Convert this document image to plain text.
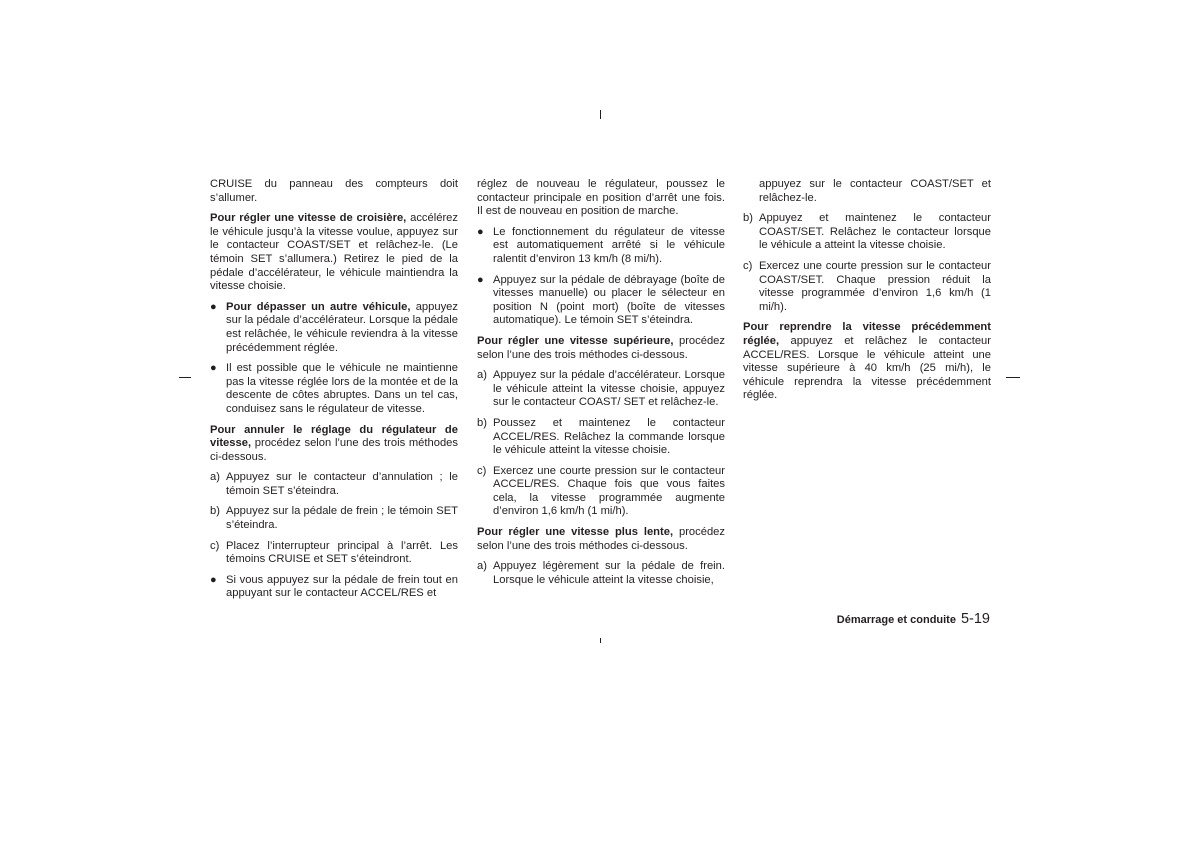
CRUISE du panneau des compteurs doit s’allumer.

Pour régler une vitesse de croisière, accélérez le véhicule jusqu’à la vitesse voulue, appuyez sur le contacteur COAST/SET et relâchez-le. (Le témoin SET s’allumera.) Retirez le pied de la pédale d’accélérateur, le véhicule maintiendra la vitesse choisie.

● Pour dépasser un autre véhicule, appuyez sur la pédale d’accélérateur. Lorsque la pédale est relâchée, le véhicule reviendra à la vitesse précédemment réglée.
● Il est possible que le véhicule ne maintienne pas la vitesse réglée lors de la montée et de la descente de côtes abruptes. Dans un tel cas, conduisez sans le régulateur de vitesse.

Pour annuler le réglage du régulateur de vitesse, procédez selon l’une des trois méthodes ci-dessous.

a) Appuyez sur le contacteur d’annulation ; le témoin SET s’éteindra.
b) Appuyez sur la pédale de frein ; le témoin SET s’éteindra.
c) Placez l’interrupteur principal à l’arrêt. Les témoins CRUISE et SET s’éteindront.
● Si vous appuyez sur la pédale de frein tout en appuyant sur le contacteur ACCEL/RES et

réglez de nouveau le régulateur, poussez le contacteur principale en position d’arrêt une fois. Il est de nouveau en position de marche.

● Le fonctionnement du régulateur de vitesse est automatiquement arrêté si le véhicule ralentit d’environ 13 km/h (8 mi/h).
● Appuyez sur la pédale de débrayage (boîte de vitesses manuelle) ou placer le sélecteur en position N (point mort) (boîte de vitesses automatique). Le témoin SET s’éteindra.

Pour régler une vitesse supérieure, procédez selon l’une des trois méthodes ci-dessous.

a) Appuyez sur la pédale d’accélérateur. Lorsque le véhicule atteint la vitesse choisie, appuyez sur le contacteur COAST/ SET et relâchez-le.
b) Poussez et maintenez le contacteur ACCEL/RES. Relâchez la commande lorsque le véhicule atteint la vitesse choisie.
c) Exercez une courte pression sur le contacteur ACCEL/RES. Chaque fois que vous faites cela, la vitesse programmée augmente d’environ 1,6 km/h (1 mi/h).

Pour régler une vitesse plus lente, procédez selon l’une des trois méthodes ci-dessous.

a) Appuyez légèrement sur la pédale de frein. Lorsque le véhicule atteint la vitesse choisie,
appuyez sur le contacteur COAST/SET et relâchez-le.
b) Appuyez et maintenez le contacteur COAST/SET. Relâchez le contacteur lorsque le véhicule a atteint la vitesse choisie.
c) Exercez une courte pression sur le contacteur COAST/SET. Chaque pression réduit la vitesse programmée d’environ 1,6 km/h (1 mi/h).

Pour reprendre la vitesse précédemment réglée, appuyez et relâchez le contacteur ACCEL/RES. Lorsque le véhicule atteint une vitesse supérieure à 40 km/h (25 mi/h), le véhicule reprendra la vitesse précédemment réglée.

Démarrage et conduite 5-19
